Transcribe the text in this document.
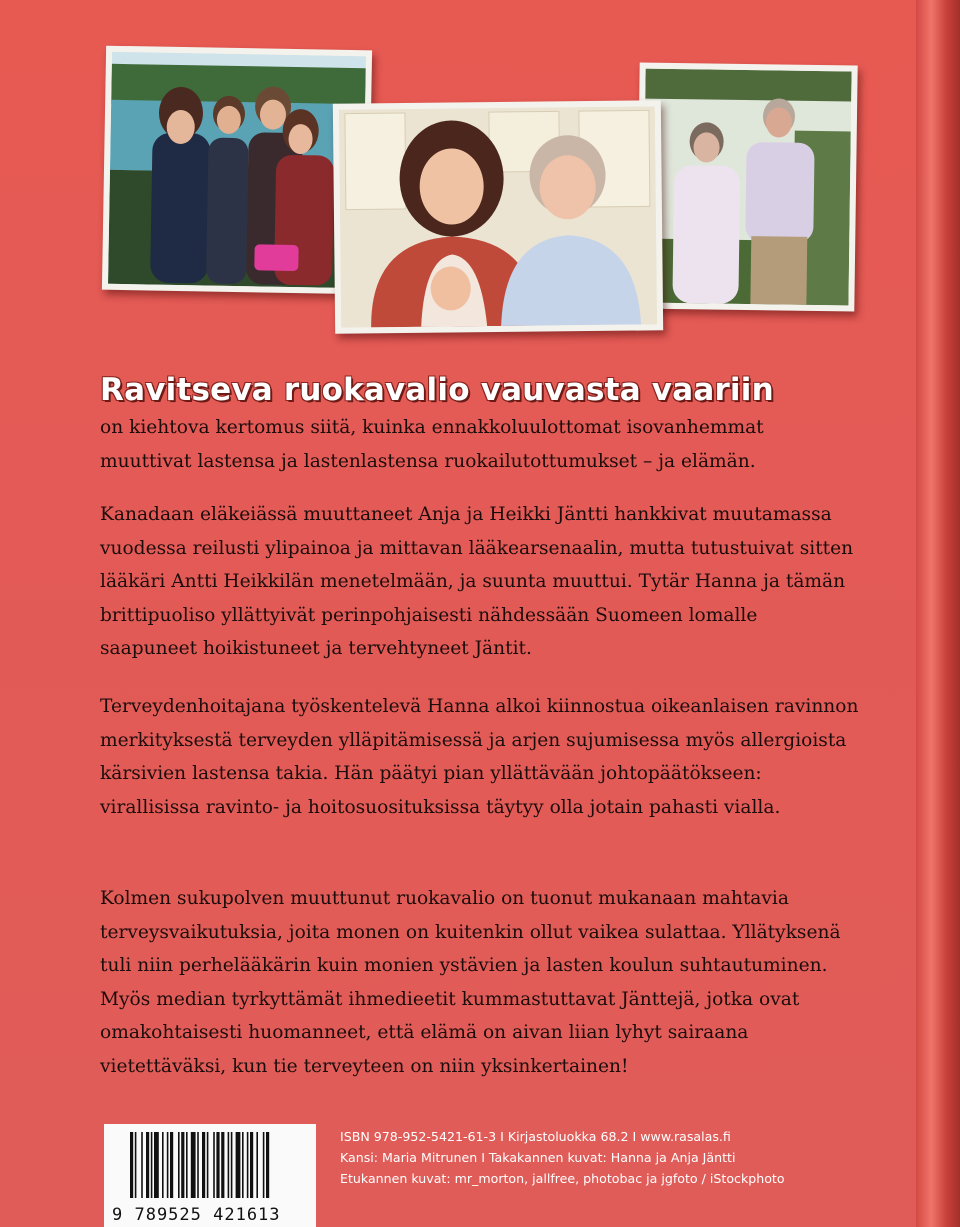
Ravitseva ruokavalio vauvasta vaariin

on kiehtova kertomus siitä, kuinka ennakkoluulottomat isovanhemmat muuttivat lastensa ja lastenlastensa ruokailutottumukset – ja elämän.

Kanadaan eläkeiässä muuttaneet Anja ja Heikki Jäntti hankkivat muutamassa vuodessa reilusti ylipainoa ja mittavan lääkearsenaalin, mutta tutustuivat sitten lääkäri Antti Heikkilän menetelmään, ja suunta muuttui. Tytär Hanna ja tämän brittipuoliso yllättyivät perinpohjaisesti nähdessään Suomeen lomalle saapuneet hoikistuneet ja tervehtyneet Jäntit.

Terveydenhoitajana työskentelevä Hanna alkoi kiinnostua oikeanlaisen ravinnon merkityksestä terveyden ylläpitämisessä ja arjen sujumisessa myös allergioista kärsivien lastensa takia. Hän päätyi pian yllättävään johtopäätökseen: virallisissa ravinto- ja hoitosuosituksissa täytyy olla jotain pahasti vialla.

Kolmen sukupolven muuttunut ruokavalio on tuonut mukanaan mahtavia terveysvaikutuksia, joita monen on kuitenkin ollut vaikea sulattaa. Yllätyksenä tuli niin perhelääkärin kuin monien ystävien ja lasten koulun suhtautuminen. Myös median tyrkyttämät ihmedieetit kummastuttavat Jänttejä, jotka ovat omakohtaisesti huomanneet, että elämä on aivan liian lyhyt sairaana vietettäväksi, kun tie terveyteen on niin yksinkertainen!

9 789525 421613
ISBN 978-952-5421-61-3 I Kirjastoluokka 68.2 I www.rasalas.fi
Kansi: Maria Mitrunen I Takakannen kuvat: Hanna ja Anja Jäntti
Etukannen kuvat: mr_morton, jallfree, photobac ja jgfoto / iStockphoto
